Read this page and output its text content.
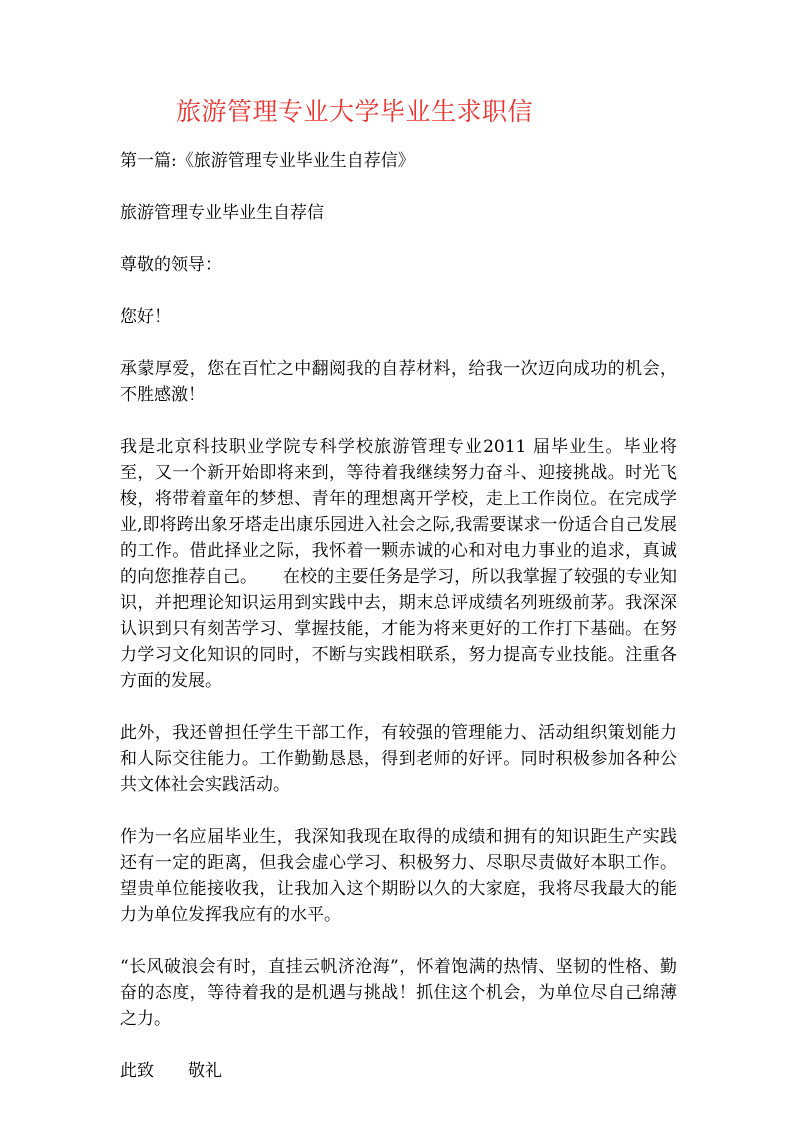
旅游管理专业大学毕业生求职信

第一篇:《旅游管理专业毕业生自荐信》

旅游管理专业毕业生自荐信

尊敬的领导：

您好！

承蒙厚爱，您在百忙之中翻阅我的自荐材料，给我一次迈向成功的机会，不胜感激！

我是北京科技职业学院专科学校旅游管理专业2011 届毕业生。毕业将至，又一个新开始即将来到，等待着我继续努力奋斗、迎接挑战。时光飞梭，将带着童年的梦想、青年的理想离开学校，走上工作岗位。在完成学业,即将跨出象牙塔走出康乐园进入社会之际,我需要谋求一份适合自己发展的工作。借此择业之际，我怀着一颗赤诚的心和对电力事业的追求，真诚的向您推荐自己。　　在校的主要任务是学习，所以我掌握了较强的专业知识，并把理论知识运用到实践中去，期末总评成绩名列班级前茅。我深深认识到只有刻苦学习、掌握技能，才能为将来更好的工作打下基础。在努力学习文化知识的同时，不断与实践相联系，努力提高专业技能。注重各方面的发展。

此外，我还曾担任学生干部工作，有较强的管理能力、活动组织策划能力和人际交往能力。工作勤勤恳恳，得到老师的好评。同时积极参加各种公共文体社会实践活动。

作为一名应届毕业生，我深知我现在取得的成绩和拥有的知识距生产实践还有一定的距离，但我会虚心学习、积极努力、尽职尽责做好本职工作。望贵单位能接收我，让我加入这个期盼以久的大家庭，我将尽我最大的能力为单位发挥我应有的水平。

“长风破浪会有时，直挂云帆济沧海”，怀着饱满的热情、坚韧的性格、勤奋的态度，等待着我的是机遇与挑战！抓住这个机会，为单位尽自己绵薄之力。

此致　　敬礼
